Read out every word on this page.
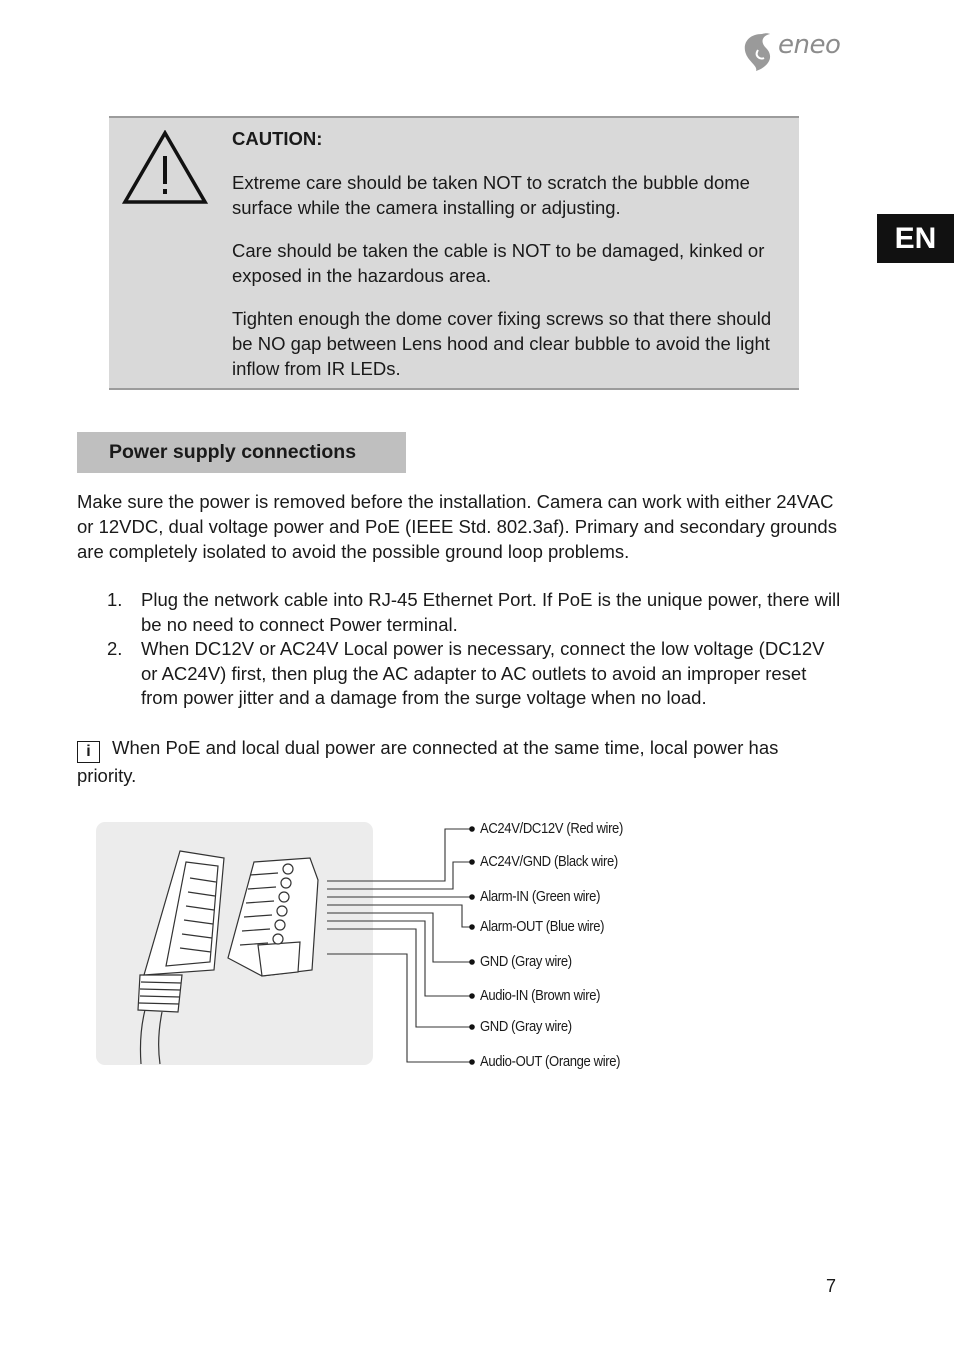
eneo
EN
CAUTION:

Extreme care should be taken NOT to scratch the bubble dome surface while the camera installing or adjusting.

Care should be taken the cable is NOT to be damaged, kinked or exposed in the hazardous area.

Tighten enough the dome cover fixing screws so that there should be NO gap between Lens hood and clear bubble to avoid the light inflow from IR LEDs.

Power supply connections

Make sure the power is removed before the installation. Camera can work with either 24VAC or 12VDC, dual voltage power and PoE (IEEE Std. 802.3af). Primary and secondary grounds are completely isolated to avoid the possible ground loop problems.

1. Plug the network cable into RJ-45 Ethernet Port. If PoE is the unique power, there will be no need to connect Power terminal.
2. When DC12V or AC24V Local power is necessary, connect the low voltage (DC12V or AC24V) first, then plug the AC adapter to AC outlets to avoid an improper reset from power jitter and a damage from the surge voltage when no load.

i When PoE and local dual power are connected at the same time, local power has priority.

AC24V/DC12V (Red wire)
AC24V/GND (Black wire)
Alarm-IN (Green wire)
Alarm-OUT (Blue wire)
GND (Gray wire)
Audio-IN (Brown wire)
GND (Gray wire)
Audio-OUT (Orange wire)
7
